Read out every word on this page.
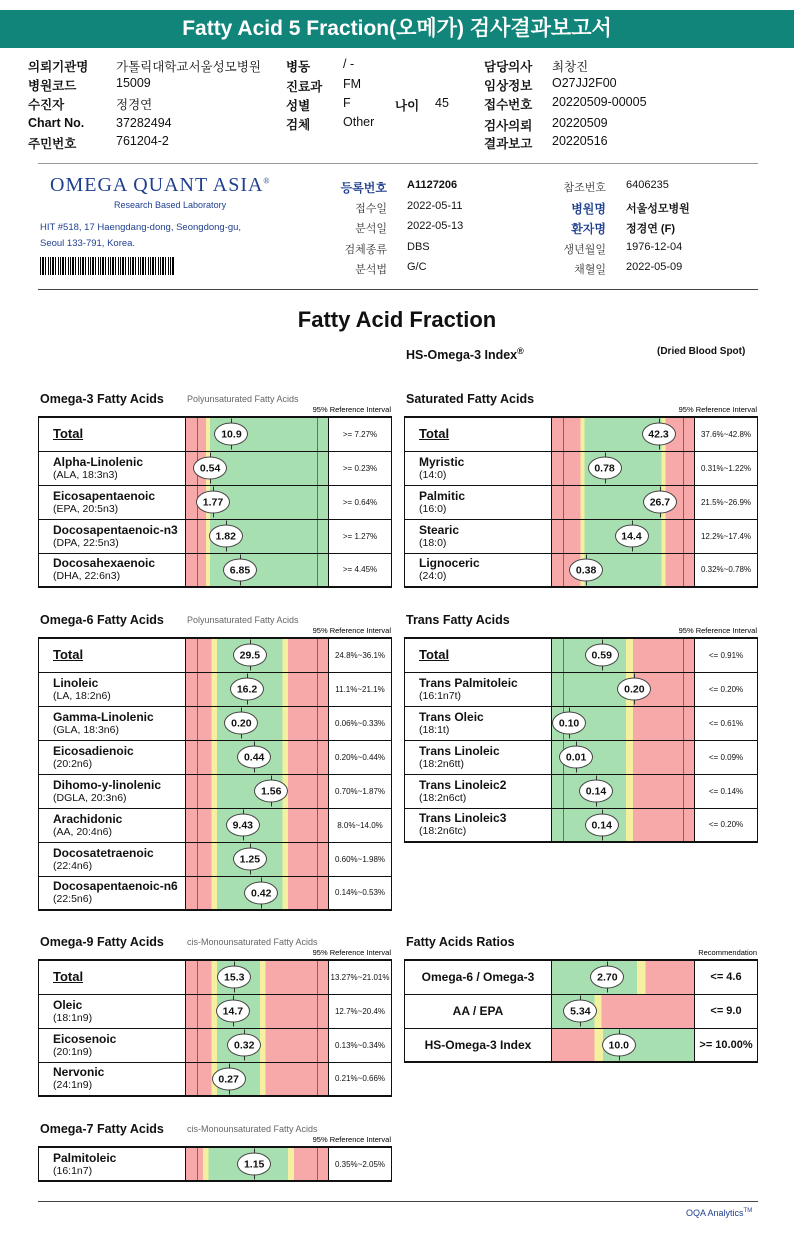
Fatty Acid 5 Fraction(오메가) 검사결과보고서
의뢰기관명 가톨릭대학교서울성모병원
병원코드	15009
수진자	정경연
Chart No.	37282494
주민번호	761204-2
병동	/ -
진료과 FM
성별	F
검체	Other
나이 45
담당의사 최창진
임상정보 O27JJ2F00
접수번호 20220509-00005
검사의뢰 20220509
결과보고 20220516
OMEGA QUANT ASIA®
Research Based Laboratory
HIT #518, 17 Haengdang-dong, Seongdong-gu,
Seoul 133-791, Korea.
등록번호 A1127206
접수일 2022-05-11
분석일 2022-05-13
검체종류 DBS
분석법 G/C
참조번호 6406235
병원명 서울성모병원
환자명 정경연 (F)
생년월일 1976-12-04
채혈일 2022-05-09
Fatty Acid Fraction
HS-Omega-3 Index®	(Dried Blood Spot)
Omega-3 Fatty Acids	Polyunsaturated Fatty Acids
95% Reference Interval
Total	10.9	>= 7.27%

Alpha-Linolenic
(ALA, 18:3n3)	0.54	>= 0.23%

Eicosapentaenoic
(EPA, 20:5n3)	1.77	>= 0.64%

Docosapentaenoic-n3
(DPA, 22:5n3)	1.82	>= 1.27%

Docosahexaenoic
(DHA, 22:6n3)	6.85	>= 4.45%
Saturated Fatty Acids
95% Reference Interval
Total	42.3	37.6%~42.8%

Myristic
(14:0)	0.78	0.31%~1.22%

Palmitic
(16:0)	26.7	21.5%~26.9%

Stearic
(18:0)	14.4	12.2%~17.4%

Lignoceric
(24:0)	0.38	0.32%~0.78%
Omega-6 Fatty Acids	Polyunsaturated Fatty Acids
95% Reference Interval
Total	29.5	24.8%~36.1%

Linoleic
(LA, 18:2n6)	16.2	11.1%~21.1%

Gamma-Linolenic
(GLA, 18:3n6)	0.20	0.06%~0.33%

Eicosadienoic
(20:2n6)	0.44	0.20%~0.44%

Dihomo-y-linolenic
(DGLA, 20:3n6)	1.56	0.70%~1.87%

Arachidonic
(AA, 20:4n6)	9.43	8.0%~14.0%

Docosatetraenoic
(22:4n6)	1.25	0.60%~1.98%

Docosapentaenoic-n6
(22:5n6)	0.42	0.14%~0.53%
Trans Fatty Acids
95% Reference Interval
Total	0.59	<= 0.91%

Trans Palmitoleic
(16:1n7t)	0.20	<= 0.20%

Trans Oleic
(18:1t)	0.10	<= 0.61%

Trans Linoleic
(18:2n6tt)	0.01	<= 0.09%

Trans Linoleic2
(18:2n6ct)	0.14	<= 0.14%

Trans Linoleic3
(18:2n6tc)	0.14	<= 0.20%
Omega-9 Fatty Acids	cis-Monounsaturated Fatty Acids
95% Reference Interval
Total	15.3	13.27%~21.01%

Oleic
(18:1n9)	14.7	12.7%~20.4%

Eicosenoic
(20:1n9)	0.32	0.13%~0.34%

Nervonic
(24:1n9)	0.27	0.21%~0.66%
Fatty Acids Ratios
Recommendation
Omega-6 / Omega-3	2.70	<= 4.6
AA / EPA	5.34	<= 9.0
HS-Omega-3 Index	10.0	>= 10.00%
Omega-7 Fatty Acids	cis-Monounsaturated Fatty Acids
95% Reference Interval
Palmitoleic
(16:1n7)	1.15	0.35%~2.05%
OQA Analytics™
